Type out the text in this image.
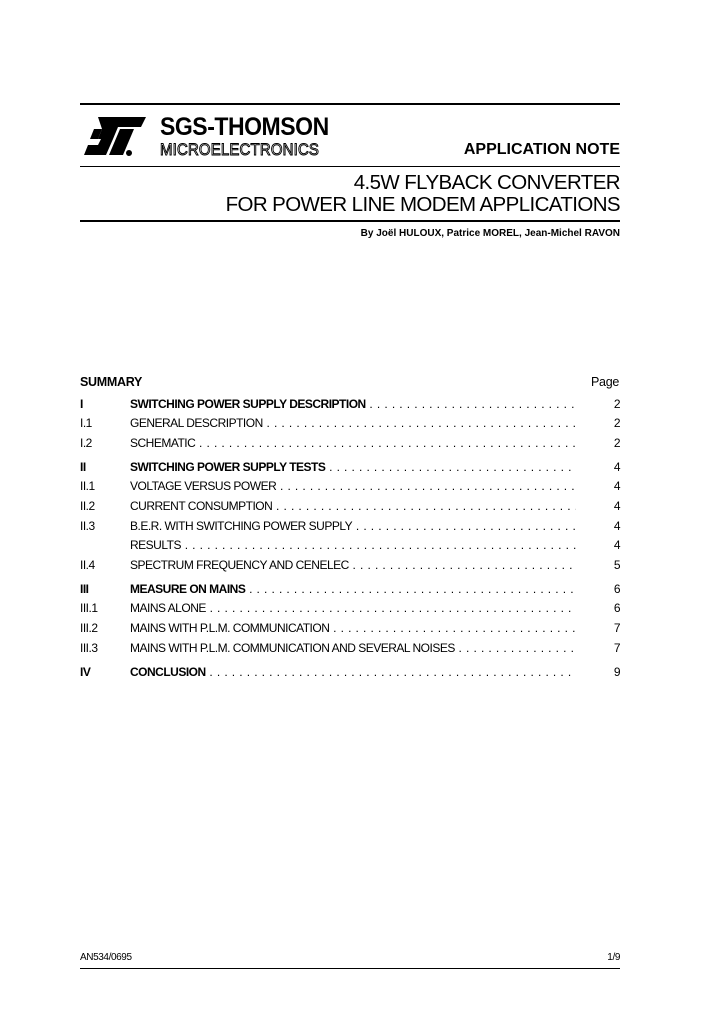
SGS-THOMSON
MICROELECTRONICS	APPLICATION NOTE
4.5W FLYBACK CONVERTER
FOR POWER LINE MODEM APPLICATIONS
By Joël HULOUX, Patrice MOREL, Jean-Michel RAVON
SUMMARY	Page
I	SWITCHING POWER SUPPLY DESCRIPTION . . .	2
I.1	GENERAL DESCRIPTION . . .	2
I.2	SCHEMATIC . . .	2
II	SWITCHING POWER SUPPLY TESTS . . .	4
II.1	VOLTAGE VERSUS POWER . . .	4
II.2	CURRENT CONSUMPTION . . .	4
II.3	B.E.R. WITH SWITCHING POWER SUPPLY . . .	4
RESULTS . . .	4
II.4	SPECTRUM FREQUENCY AND CENELEC . . .	5
III	MEASURE ON MAINS . . .	6
III.1	MAINS ALONE . . .	6
III.2	MAINS WITH P.L.M. COMMUNICATION . . .	7
III.3	MAINS WITH P.L.M. COMMUNICATION AND SEVERAL NOISES . . .	7
IV	CONCLUSION . . .	9
AN534/0695	1/9
